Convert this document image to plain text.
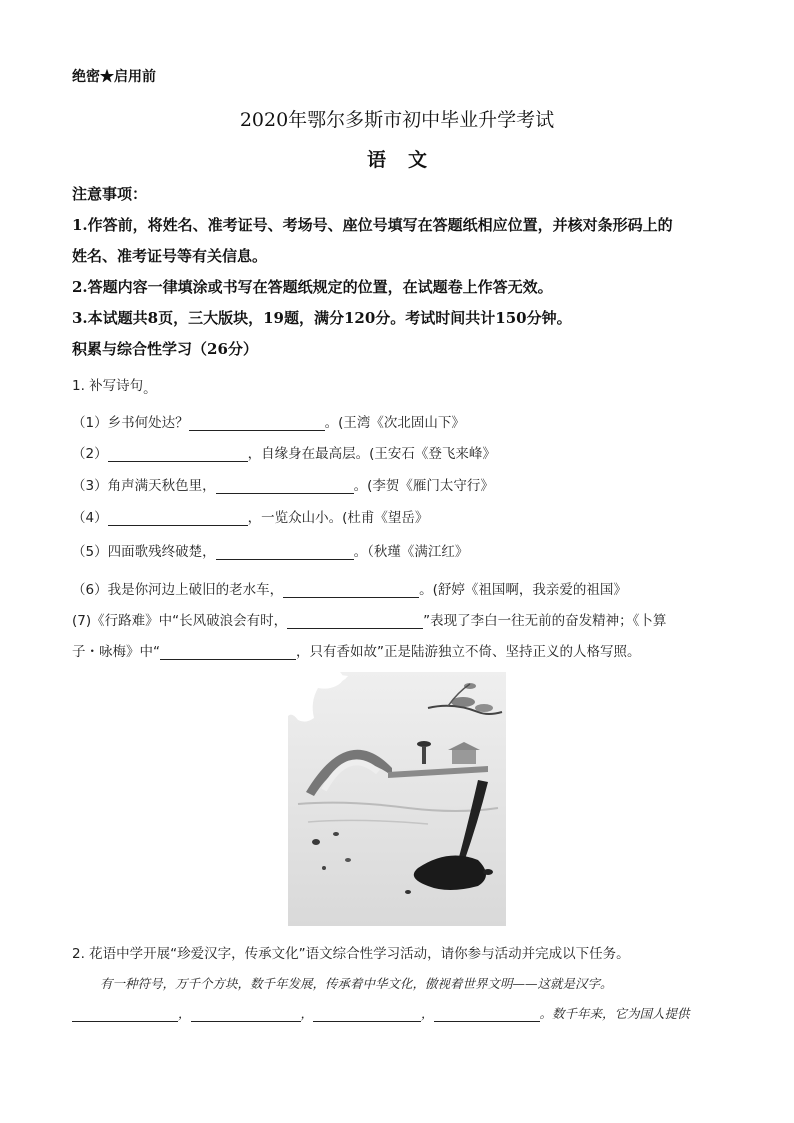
绝密★启用前
2020年鄂尔多斯市初中毕业升学考试
语文
注意事项：
1.作答前，将姓名、准考证号、考场号、座位号填写在答题纸相应位置，并核对条形码上的
姓名、准考证号等有关信息。
2.答题内容一律填涂或书写在答题纸规定的位置，在试题卷上作答无效。
3.本试题共8页，三大版块，19题，满分120分。考试时间共计150分钟。
积累与综合性学习（26分）
1. 补写诗句。
（1）乡书何处达？	。(王湾《次北固山下》
（2）	，自缘身在最高层。(王安石《登飞来峰》
（3）角声满天秋色里，	。(李贺《雁门太守行》
（4）	，一览众山小。(杜甫《望岳》
（5）四面歌残终破楚，	。（秋瑾《满江红》
（6）我是你河边上破旧的老水车，	。(舒婷《祖国啊，我亲爱的祖国》
(7)《行路难》中“长风破浪会有时，	”表现了李白一往无前的奋发精神；《卜算
子・咏梅》中“	，只有香如故”正是陆游独立不倚、坚持正义的人格写照。
2. 花语中学开展“珍爱汉字，传承文化”语文综合性学习活动，请你参与活动并完成以下任务。
有一种符号，万千个方块，数千年发展，传承着中华文化，傲视着世界文明——这就是汉字。
，	，	，	。数千年来，它为国人提供
